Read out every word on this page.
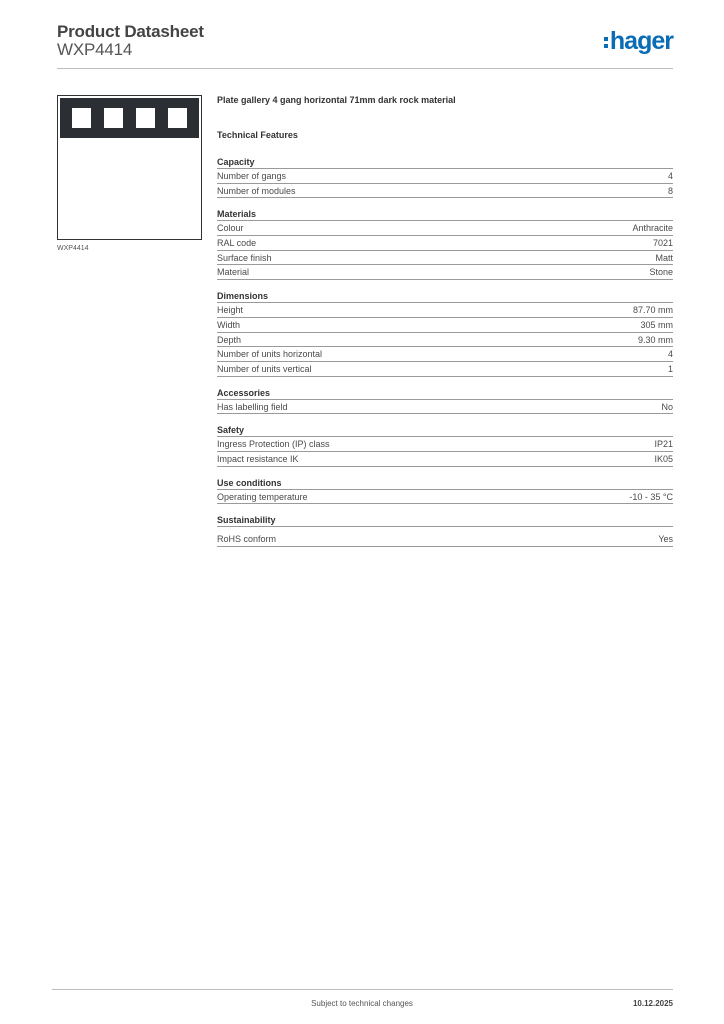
Product Datasheet
WXP4414	hager
WXP4414
Plate gallery 4 gang horizontal 71mm dark rock material
Technical Features
Capacity
Number of gangs	4
Number of modules	8
Materials
Colour	Anthracite
RAL code	7021
Surface finish	Matt
Material	Stone
Dimensions
Height	87.70 mm
Width	305 mm
Depth	9.30 mm
Number of units horizontal	4
Number of units vertical	1
Accessories
Has labelling field	No
Safety
Ingress Protection (IP) class	IP21
Impact resistance IK	IK05
Use conditions
Operating temperature	-10 - 35 °C
Sustainability
RoHS conform	Yes
Subject to technical changes	10.12.2025
